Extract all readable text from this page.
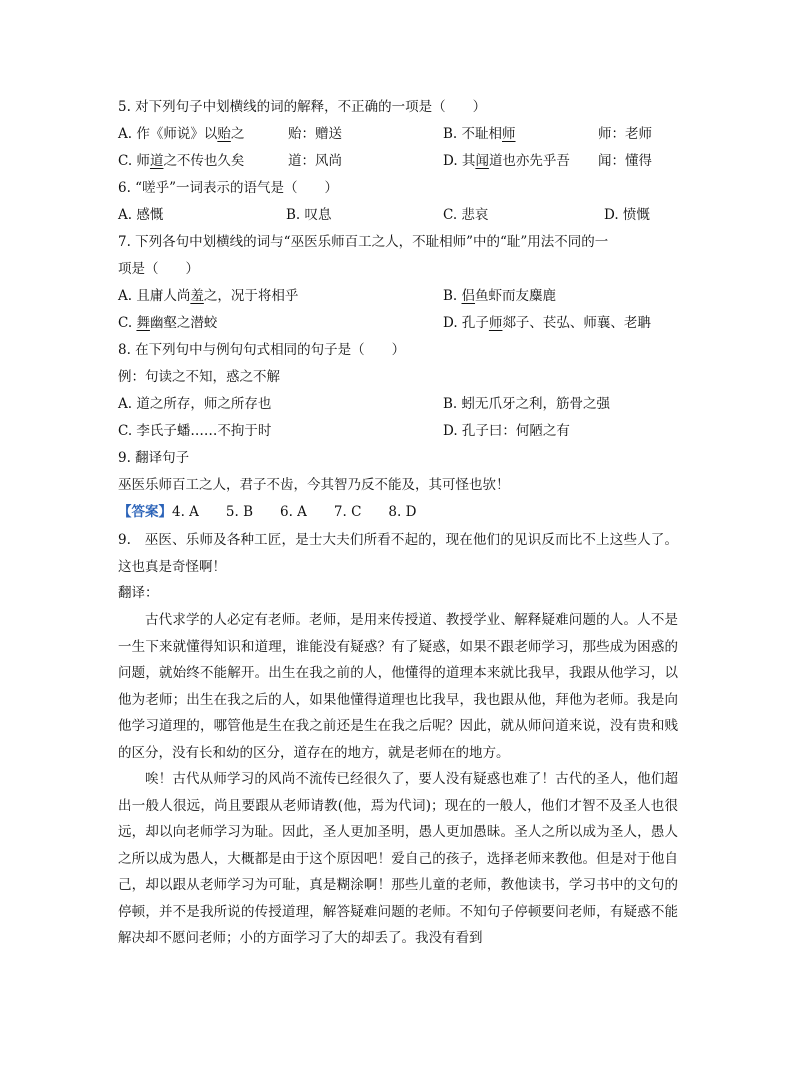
5. 对下列句子中划横线的词的解释，不正确的一项是（　　）
A. 作《师说》以贻之	贻：赠送	B. 不耻相师	师：老师
C. 师道之不传也久矣	道：风尚	D. 其闻道也亦先乎吾 闻：懂得
6. “嗟乎”一词表示的语气是（　　）
A. 感慨	B. 叹息	C. 悲哀	D. 愤慨
7. 下列各句中划横线的词与“巫医乐师百工之人，不耻相师”中的“耻”用法不同的一
项是（　　）
A. 且庸人尚羞之，况于将相乎	B. 侣鱼虾而友麋鹿
C. 舞幽壑之潜蛟	D. 孔子师郯子、苌弘、师襄、老聃
8. 在下列句中与例句句式相同的句子是（　　）
例：句读之不知，惑之不解
A. 道之所存，师之所存也	B. 蚓无爪牙之利，筋骨之强
C. 李氏子蟠……不拘于时	D. 孔子曰：何陋之有
9. 翻译句子
巫医乐师百工之人，君子不齿，今其智乃反不能及，其可怪也欤！
【答案】4. A　　5. B　　6. A　　7. C　　8. D

9.　巫医、乐师及各种工匠，是士大夫们所看不起的，现在他们的见识反而比不上这些人了。这也真是奇怪啊！

翻译：

古代求学的人必定有老师。老师，是用来传授道、教授学业、解释疑难问题的人。人不是一生下来就懂得知识和道理，谁能没有疑惑？有了疑惑，如果不跟老师学习，那些成为困惑的问题，就始终不能解开。出生在我之前的人，他懂得的道理本来就比我早，我跟从他学习，以他为老师；出生在我之后的人，如果他懂得道理也比我早，我也跟从他，拜他为老师。我是向他学习道理的，哪管他是生在我之前还是生在我之后呢？因此，就从师问道来说，没有贵和贱的区分，没有长和幼的区分，道存在的地方，就是老师在的地方。

唉！古代从师学习的风尚不流传已经很久了，要人没有疑惑也难了！古代的圣人，他们超出一般人很远，尚且要跟从老师请教(他，焉为代词)；现在的一般人，他们才智不及圣人也很远，却以向老师学习为耻。因此，圣人更加圣明，愚人更加愚昧。圣人之所以成为圣人，愚人之所以成为愚人，大概都是由于这个原因吧！爱自己的孩子，选择老师来教他。但是对于他自己，却以跟从老师学习为可耻，真是糊涂啊！那些儿童的老师，教他读书，学习书中的文句的停顿，并不是我所说的传授道理，解答疑难问题的老师。不知句子停顿要问老师，有疑惑不能解决却不愿问老师；小的方面学习了大的却丢了。我没有看到
